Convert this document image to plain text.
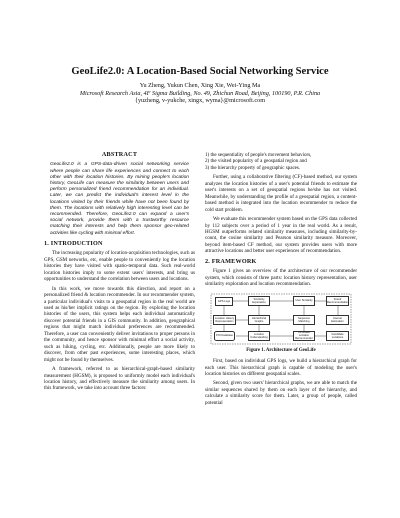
GeoLife2.0: A Location-Based Social Networking Service
Yu Zheng, Yukun Chen, Xing Xie, Wei-Ying Ma
Microsoft Research Asia, 4F Sigma Building, No. 49, Zhichun Road, Beijing, 100190, P.R. China
{yuzheng, v-yukche, xingx, wyma}@microsoft.com
ABSTRACT
GeoLife2.0 is a GPS-data-driven social networking service where people can share life experiences and connect to each other with their location histories. By mining people's location history, GeoLife can measure the similarity between users and perform personalized friend recommendation for an individual. Later, we can predict the individual's interest level in the locations visited by their friends while have not been found by them. The locations with relatively high interesting level can be recommended. Therefore, GeoLife2.0 can expand a user's social network, provide them with a trustworthy resource matching their interests and help them sponsor geo-related activities like cycling with minimal effort.
1. INTRODUCTION

The increasing popularity of location-acquisition technologies, such as GPS, GSM networks, etc, enable people to conveniently log the location histories they have visited with spatio-temporal data. Such real-world location histories imply to some extent users' interests, and bring us opportunities to understand the correlation between users and locations.

In this work, we move towards this direction, and report on a personalized friend & location recommender. In our recommender system, a particular individual's visits to a geospatial region in the real world are used as his/her implicit ratings on the region. By exploring the location histories of the users, this system helps each individual automatically discover potential friends in a GIS community. In addition, geographical regions that might match individual preferences are recommended. Therefore, a user can conveniently deliver invitations to proper persons in the community, and hence sponsor with minimal effort a social activity, such as hiking, cycling, etc. Additionally, people are more likely to discover, from other past experiences, some interesting places, which might not be found by themselves.

A framework, referred to as hierarchical-graph-based similarity measurement (HGSM), is proposed to uniformly model each individual's location history, and effectively measure the similarity among users. In this framework, we take into account three factors:

1) the sequentiality of people's movement behaviors,
2) the visited popularity of a geospatial region and
3) the hierarchy property of geographic spaces.

Further, using a collaborative filtering (CF)-based method, our system analyzes the location histories of a user's potential friends to estimate the user's interests on a set of geospatial regions he/she has not visited. Meanwhile, by understanding the profile of a geospatial region, a content-based method is integrated into the location recommender to reduce the cold start problem.

We evaluate this recommender system based on the GPS data collected by 112 subjects over a period of 1 year in the real world. As a result, HGSM outperforms related similarity measures, including similarity-by-count, the cosine similarity and Pearson similarity measure. Moreover, beyond item-based CF method, our system provides users with more attractive locations and better user experiences of recommendation.

2. FRAMEWORK

Figure 1 gives an overview of the architecture of our recommender system, which consists of three parts: location history representation, user similarity exploration and location recommendation.

GPS Logs
Similarity Exploration	User Similarity	Friend Recommendation
Location History Representation
Hierarchical Graphs
Sequence Matching
Interest Estimation
POI Database	Location Understanding
CF-Based Location Recommender
Candidate Locations
Figure 1. Architecture of GeoLife

First, based on individual GPS logs, we build a hierarchical graph for each user. This hierarchical graph is capable of modeling the user's location histories on different geospatial scales.

Second, given two users' hierarchical graphs, we are able to match the similar sequences shared by them on each layer of the hierarchy, and calculate a similarity score for them. Later, a group of people, called potential
